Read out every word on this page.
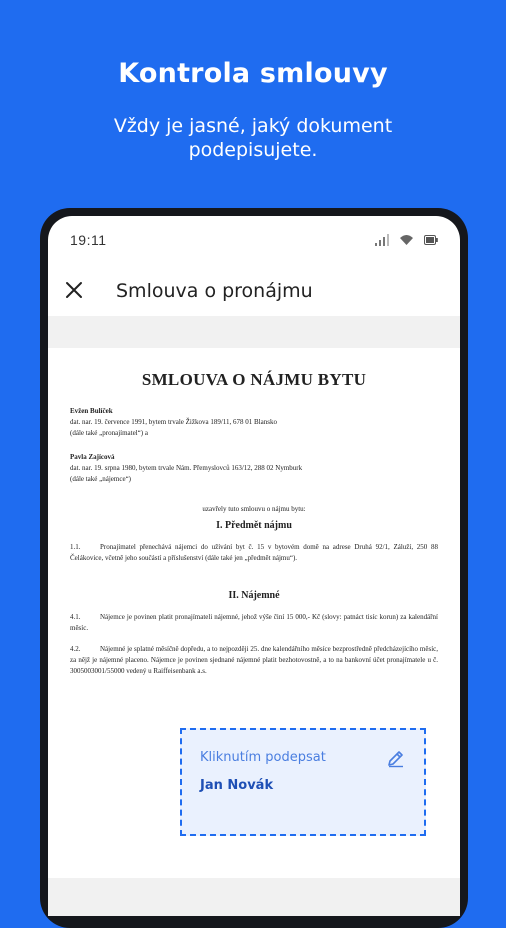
Kontrola smlouvy
Vždy je jasné, jaký dokument
podepisujete.
19:11
Smlouva o pronájmu
SMLOUVA O NÁJMU BYTU
Evžen Bulíček
dat. nar. 19. července 1991, bytem trvale Žižkova 189/11, 678 01 Blansko
(dále také „pronajímatel“) a
Pavla Zajícová
dat. nar. 19. srpna 1980, bytem trvale Nám. Přemyslovců 163/12, 288 02 Nymburk
(dále také „nájemce“)
uzavřely tuto smlouvu o nájmu bytu:
I. Předmět nájmu
1.1.	Pronajímatel přenechává nájemci do užívání byt č. 15 v bytovém domě na adrese Druhá 92/1, Záluží, 250 88 Čelákovice, včetně jeho součástí a příslušenství (dále také jen „předmět nájmu“).
II. Nájemné
4.1.	Nájemce je povinen platit pronajímateli nájemné, jehož výše činí 15 000,- Kč (slovy: patnáct tisíc korun) za kalendářní měsíc.
4.2.	Nájemné je splatné měsíčně dopředu, a to nejpozději 25. dne kalendářního měsíce bezprostředně předcházejícího měsíc, za nějž je nájemné placeno. Nájemce je povinen sjednané nájemné platit bezhotovostně, a to na bankovní účet pronajímatele u č. 3005003001/55000 vedený u Raiffeisenbank a.s.
Kliknutím podepsat
Jan Novák
